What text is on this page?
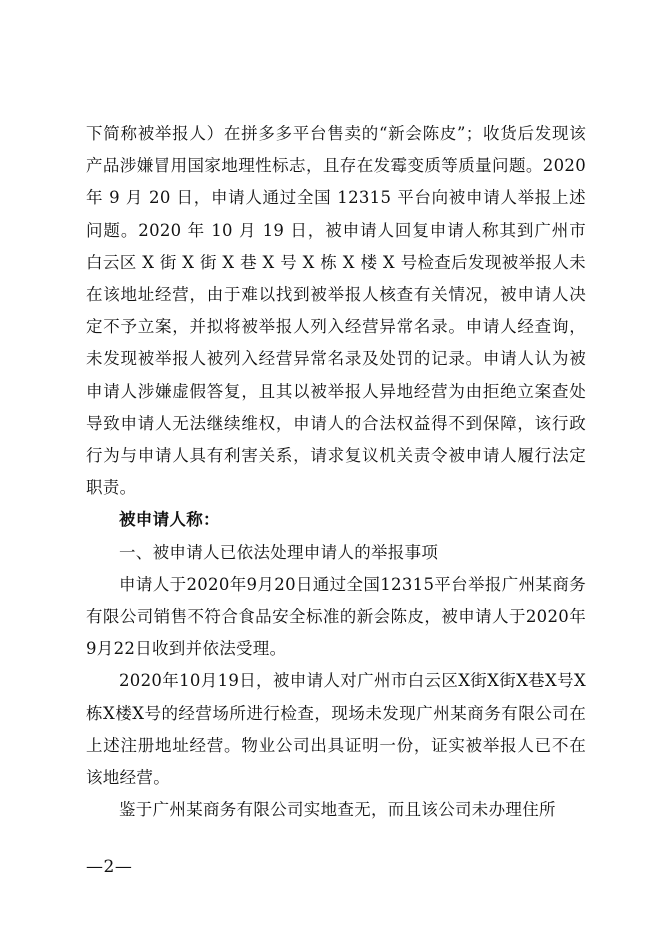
下简称被举报人）在拼多多平台售卖的“新会陈皮”；收货后发现该产品涉嫌冒用国家地理性标志，且存在发霉变质等质量问题。2020 年 9 月 20 日，申请人通过全国 12315 平台向被申请人举报上述问题。2020 年 10 月 19 日，被申请人回复申请人称其到广州市白云区 X 街 X 街 X 巷 X 号 X 栋 X 楼 X 号检查后发现被举报人未在该地址经营，由于难以找到被举报人核查有关情况，被申请人决定不予立案，并拟将被举报人列入经营异常名录。申请人经查询，未发现被举报人被列入经营异常名录及处罚的记录。申请人认为被申请人涉嫌虚假答复，且其以被举报人异地经营为由拒绝立案查处导致申请人无法继续维权，申请人的合法权益得不到保障，该行政行为与申请人具有利害关系，请求复议机关责令被申请人履行法定职责。

被申请人称：

一、被申请人已依法处理申请人的举报事项

申请人于2020年9月20日通过全国12315平台举报广州某商务有限公司销售不符合食品安全标准的新会陈皮，被申请人于2020年9月22日收到并依法受理。

2020年10月19日，被申请人对广州市白云区X街X街X巷X号X栋X楼X号的经营场所进行检查，现场未发现广州某商务有限公司在上述注册地址经营。物业公司出具证明一份，证实被举报人已不在该地经营。

鉴于广州某商务有限公司实地查无，而且该公司未办理住所

—2—
